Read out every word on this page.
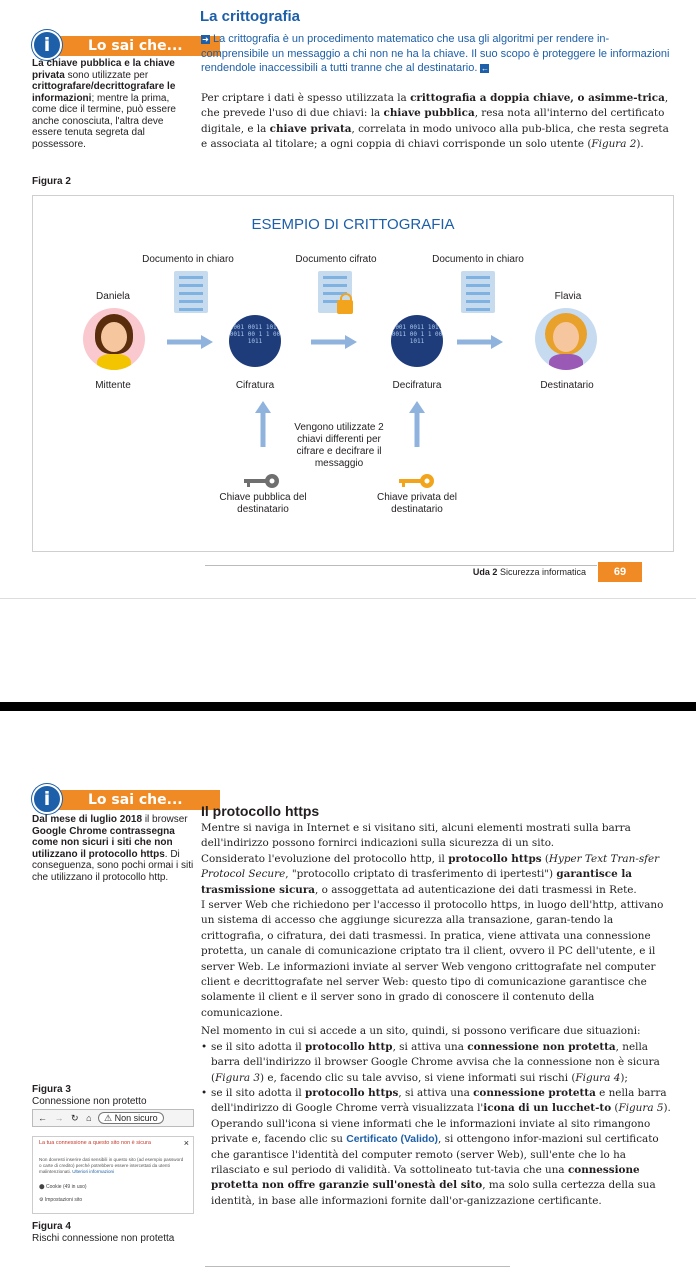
La crittografia
Lo sai che...
i
La chiave pubblica e la chiave privata sono utilizzate per crittografare/decrittografare le informazioni; mentre la prima, come dice il termine, può essere anche conosciuta, l'altra deve essere tenuta segreta dal possessore.
➜ La crittografia è un procedimento matematico che usa gli algoritmi per rendere in-comprensibile un messaggio a chi non ne ha la chiave. Il suo scopo è proteggere le informazioni rendendole inaccessibili a tutti tranne che al destinatario. ←
Per criptare i dati è spesso utilizzata la crittografia a doppia chiave, o asimme-trica, che prevede l'uso di due chiavi: la chiave pubblica, resa nota all'interno del certificato digitale, e la chiave privata, correlata in modo univoco alla pub-blica, che resta segreta e associata al titolare; a ogni coppia di chiavi corrisponde un solo utente (Figura 2).
Figura 2
ESEMPIO DI CRITTOGRAFIA
Documento in chiaro	Documento cifrato	Documento in chiaro
Daniela	Flavia
1001 0011 1011 0011 00 1 1 00 1011
1001 0011 1011 0011 00 1 1 00 1011
Mittente	Cifratura	Decifratura	Destinatario
Vengono utilizzate 2 chiavi differenti per cifrare e decifrare il messaggio
Chiave pubblica del destinatario
Chiave privata del destinatario
Uda 2 Sicurezza informatica	69
Lo sai che...
i
Dal mese di luglio 2018 il browser Google Chrome contrassegna come non sicuri i siti che non utilizzano il protocollo https. Di conseguenza, sono pochi ormai i siti che utilizzano il protocollo http.
Il protocollo https
Mentre si naviga in Internet e si visitano siti, alcuni elementi mostrati sulla barra dell'indirizzo possono fornirci indicazioni sulla sicurezza di un sito.
Considerato l'evoluzione del protocollo http, il protocollo https (Hyper Text Tran-sfer Protocol Secure, "protocollo criptato di trasferimento di ipertesti") garantisce la trasmissione sicura, o assoggettata ad autenticazione dei dati trasmessi in Rete.
I server Web che richiedono per l'accesso il protocollo https, in luogo dell'http, attivano un sistema di accesso che aggiunge sicurezza alla transazione, garan-tendo la crittografia, o cifratura, dei dati trasmessi. In pratica, viene attivata una connessione protetta, un canale di comunicazione criptato tra il client, ovvero il PC dell'utente, e il server Web. Le informazioni inviate al server Web vengono crittografate nel computer client e decrittografate nel server Web: questo tipo di comunicazione garantisce che solamente il client e il server sono in grado di conoscere il contenuto della comunicazione.
Nel momento in cui si accede a un sito, quindi, si possono verificare due situazioni:
• se il sito adotta il protocollo http, si attiva una connessione non protetta, nella barra dell'indirizzo il browser Google Chrome avvisa che la connessione non è sicura (Figura 3) e, facendo clic su tale avviso, si viene informati sui rischi (Figura 4);
• se il sito adotta il protocollo https, si attiva una connessione protetta e nella barra dell'indirizzo di Google Chrome verrà visualizzata l'icona di un lucchet-to (Figura 5). Operando sull'icona si viene informati che le informazioni inviate al sito rimangono private e, facendo clic su Certificato (Valido), si ottengono infor-mazioni sul certificato che garantisce l'identità del computer remoto (server Web), sull'ente che lo ha rilasciato e sul periodo di validità. Va sottolineato tut-tavia che una connessione protetta non offre garanzie sull'onestà del sito, ma solo sulla certezza della sua identità, in base alle informazioni fornite dall'or-ganizzazione certificante.
Figura 3
Connessione non protetto
← → ↻ ⌂ ⚠ Non sicuro
×
La tua connessione a questo sito non è sicura
Non dovresti inserire dati sensibili in questo sito (ad esempio password o carte di credito) perché potrebbero essere intercettati da utenti malintenzionati. Ulteriori informazioni
⬤ Cookie (49 in uso)
⚙ Impostazioni sito
Figura 4
Rischi connessione non protetta
